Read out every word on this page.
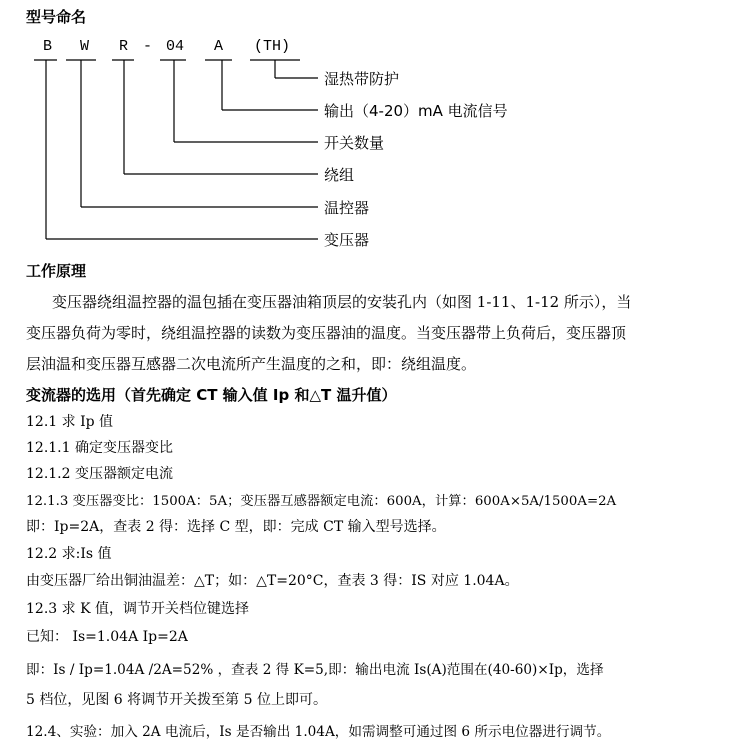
型号命名
B W R - 04 A (TH)
湿热带防护
输出（4-20）mA 电流信号
开关数量
绕组
温控器
变压器
工作原理
变压器绕组温控器的温包插在变压器油箱顶层的安装孔内（如图 1-11、1-12 所示），当
变压器负荷为零时，绕组温控器的读数为变压器油的温度。当变压器带上负荷后，变压器顶
层油温和变压器互感器二次电流所产生温度的之和，即：绕组温度。
变流器的选用（首先确定 CT 输入值 Ip 和△T 温升值）
12.1 求 Ip 值
12.1.1 确定变压器变比
12.1.2 变压器额定电流
12.1.3 变压器变比：1500A：5A；变压器互感器额定电流：600A，计算：600A×5A/1500A=2A
即：Ip=2A，查表 2 得：选择 C 型，即：完成 CT 输入型号选择。
12.2 求:Is 值
由变压器厂给出铜油温差：△T；如：△T=20°C，查表 3 得：IS 对应 1.04A。
12.3 求 K 值，调节开关档位键选择
已知： Is=1.04A Ip=2A
即：Is / Ip=1.04A /2A=52% ，查表 2 得 K=5,即：输出电流 Is(A)范围在(40-60)×Ip，选择
5 档位，见图 6 将调节开关拨至第 5 位上即可。
12.4、实验：加入 2A 电流后，Is 是否输出 1.04A，如需调整可通过图 6 所示电位器进行调节。
